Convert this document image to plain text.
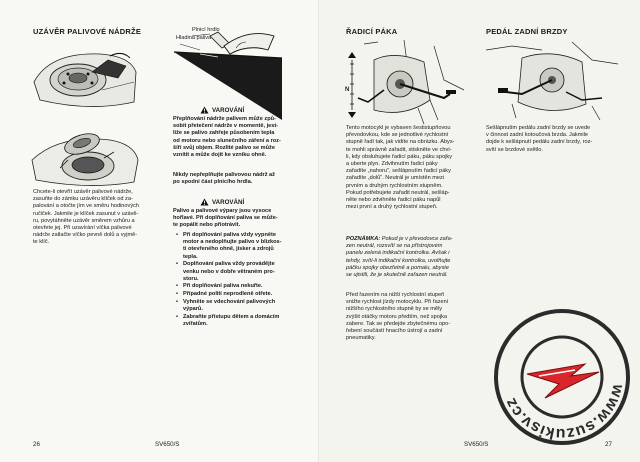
UZÁVĚR PALIVOVÉ NÁDRŽE
Chcete-li otevřít uzávěr palivové nádrže,
zasuňte do zámku uzávěru klíček od za-
palování a otočte jím ve směru hodinových
ručiček. Jakmile je klíček zasunut v uzávě-
ru, povytáhněte uzávěr směrem vzhůru a
otevřete jej. Při uzavírání víčka palivové
nádrže zatlačte víčko pevně dolů a vyjmě-
te klíč.
Plnicí hrdlo
Hladina paliva
VAROVÁNÍ
Přeplňování nádrže palivem může způ-
sobit přetečení nádrže v momentě, jest-
liže se palivo zahřeje působením tepla
od motoru nebo slunečního záření a roz-
šíří svůj objem. Rozlité palivo se může
vznítit a může dojít ke vzniku ohně.
Nikdy nepřeplňujte palivovou nádrž až
po spodní část plnicího hrdla.
VAROVÁNÍ
Palivo a palivové výpary jsou vysoce
hořlavé. Při doplňování paliva se může-
te popálit nebo přiotrávit.
• Při doplňování paliva vždy vypněte
motor a nedoplňujte palivo v blízkos-
ti otevřeného ohně, jisker a zdrojů
tepla.
• Doplňování paliva vždy provádějte
venku nebo v dobře větraném pro-
storu.
• Při doplňování paliva nekuřte.
• Případné politi neprodleně otřete.
• Vyhněte se vdechování palivových
výparů.
• Zabraňte přístupu dětem a domácím
zvířatům.
26	SV650/S
ŘADICÍ PÁKA	PEDÁL ZADNÍ BRZDY
N
Tento motocykl je vybaven šestistupňovou
převodovkou, kde se jednotlivé rychlostní
stupně řadí tak, jak vidíte na obrázku. Abys-
te mohli správně zařadit, stiskněte ve chví-
li, kdy obsluhujete řadicí páku, páku spojky
a uberte plyn. Zdvihnutím řadicí páky
zařadíte „nahoru", sešlápnutím řadicí páky
zařadíte „dolů". Neutrál je umístěn mezi
prvním a druhým rychlostním stupněm.
Pokud potřebujete zařadit neutrál, sešláp-
něte nebo zdvihněte řadicí páku napůl
mezi první a druhý rychlostní stupeň.
POZNÁMKA: Pokud je v převodovce zařa-
zen neutrál, rozsvítí se na přístrojovém
panelu zelená indikační kontrolka. Avšak i
tehdy, svítí-li indikační kontrolka, uvolňujte
páčku spojky obezřetně a pomalu, abyste
se ujistili, že je skutečně zařazen neutrál.
Před řazením na nižší rychlostní stupeň
snižte rychlost jízdy motocyklu. Při řazení
nižšího rychlostního stupně by se měly
zvýšit otáčky motoru předtím, než spojka
zabere. Tak se předejde zbytečnému opo-
řebení součástí hnacího ústrojí a zadní
pneumatiky.
Sešlápnutím pedálu zadní brzdy se uvede
v činnost zadní kotoučová brzda. Jakmile
dojde k sešlápnutí pedálu zadní brzdy, roz-
svítí se brzdové světlo.
SV650/S	27
www.suzukisv.cz
